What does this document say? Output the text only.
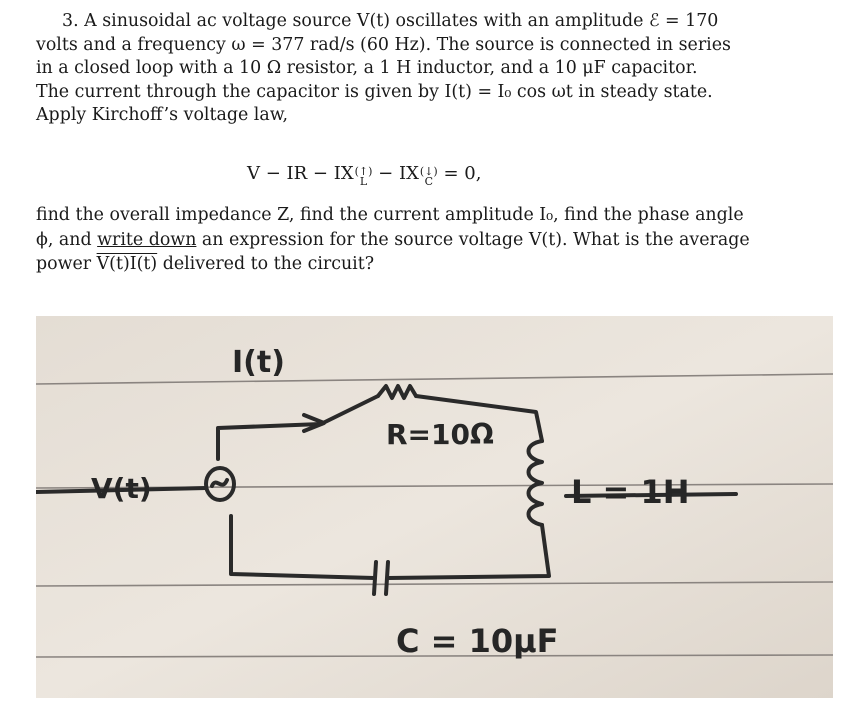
3. A sinusoidal ac voltage source V(t) oscillates with an amplitude ℰ = 170

volts and a frequency ω = 377 rad/s (60 Hz). The source is connected in series

in a closed loop with a 10 Ω resistor, a 1 H inductor, and a 10 μF capacitor.

The current through the capacitor is given by I(t) = I₀ cos ωt in steady state.

Apply Kirchoff’s voltage law,

V − IR − IX (↑)
L − IX (↓)
C = 0,

find the overall impedance Z, find the current amplitude I₀, find the phase angle

ϕ, and write down an expression for the source voltage V(t). What is the average

power V(t)I(t) delivered to the circuit?

I(t)
V(t)
R=10Ω
L = 1H
C = 10μF
